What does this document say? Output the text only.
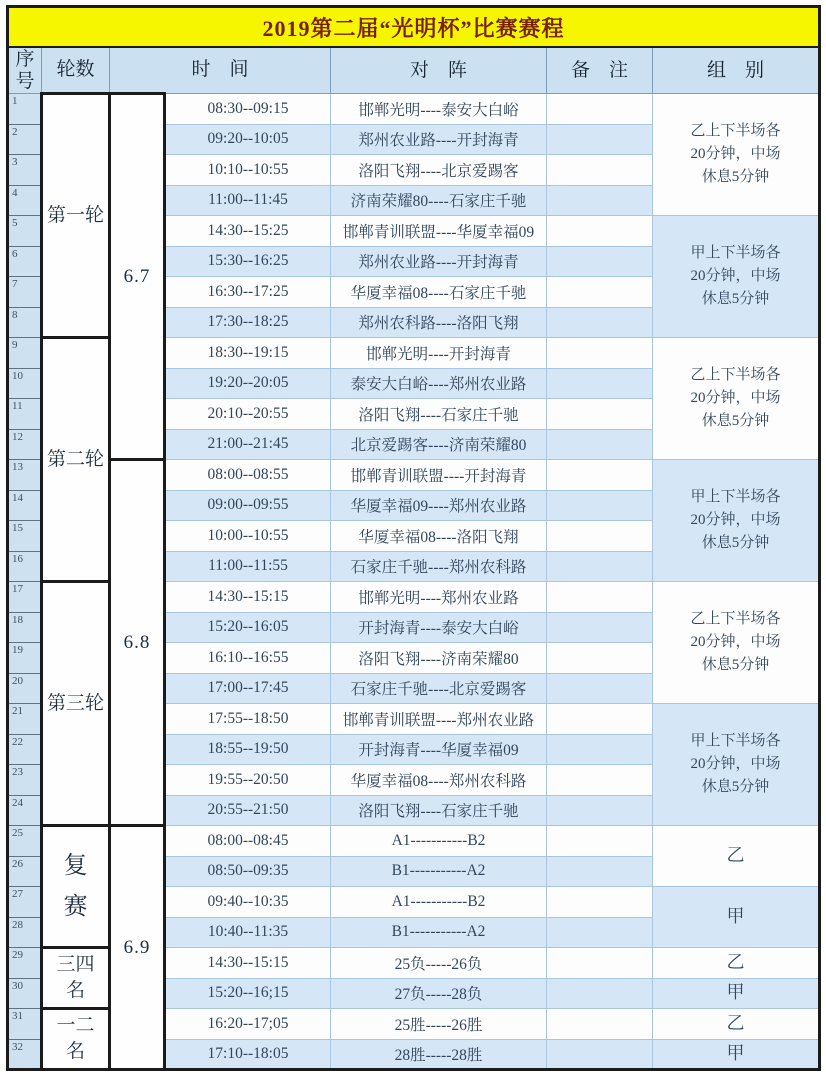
2019第二届“光明杯”比赛赛程						
序号	轮数	时　间		对　阵	备　注	组　别
1	第一轮	6.7	08:30--09:15	邯郸光明----泰安大白峪		乙上下半场各20分钟，中场休息5分钟

2			09:20--10:05	郑州农业路----开封海青		
3			10:10--10:55	洛阳飞翔----北京爱踢客		
4			11:00--11:45	济南荣耀80----石家庄千驰		
5			14:30--15:25	邯郸青训联盟----华厦幸福09		甲上下半场各20分钟，中场休息5分钟

6			15:30--16:25	郑州农业路----开封海青		
7			16:30--17:25	华厦幸福08----石家庄千驰		
8			17:30--18:25	郑州农科路----洛阳飞翔		
9	第二轮		18:30--19:15	邯郸光明----开封海青		乙上下半场各20分钟，中场休息5分钟

10			19:20--20:05	泰安大白峪----郑州农业路		
11			20:10--20:55	洛阳飞翔----石家庄千驰		
12			21:00--21:45	北京爱踢客----济南荣耀80		
13		6.8	08:00--08:55	邯郸青训联盟----开封海青		甲上下半场各20分钟，中场休息5分钟

14			09:00--09:55	华厦幸福09----郑州农业路		
15			10:00--10:55	华厦幸福08----洛阳飞翔		
16			11:00--11:55	石家庄千驰----郑州农科路		
17	第三轮		14:30--15:15	邯郸光明----郑州农业路		乙上下半场各20分钟，中场休息5分钟

18			15:20--16:05	开封海青----泰安大白峪		
19			16:10--16:55	洛阳飞翔----济南荣耀80		
20			17:00--17:45	石家庄千驰----北京爱踢客		
21			17:55--18:50	邯郸青训联盟----郑州农业路		甲上下半场各20分钟，中场休息5分钟

22			18:55--19:50	开封海青----华厦幸福09		
23			19:55--20:50	华厦幸福08----郑州农科路		
24			20:55--21:50	洛阳飞翔----石家庄千驰		
25	复赛	6.9	08:00--08:45	A1-----------B2		乙

26			08:50--09:35	B1-----------A2		
27			09:40--10:35	A1-----------B2		甲

28			10:40--11:35	B1-----------A2		
29	三四名		14:30--15:15	25负-----26负		乙

30			15:20--16;15	27负-----28负		甲

31	一二名		16:20--17;05	25胜-----26胜		乙

32			17:10--18:05	28胜-----28胜		甲
